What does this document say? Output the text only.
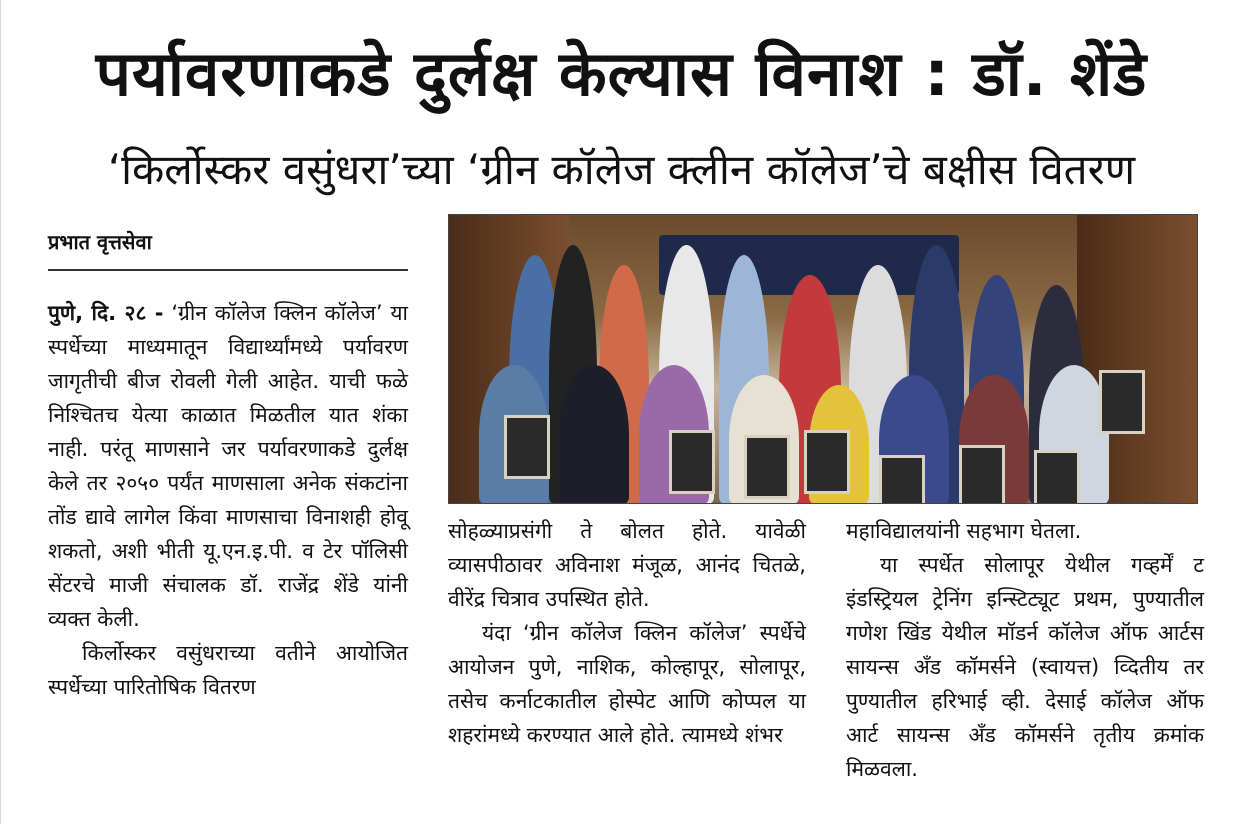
पर्यावरणाकडे दुर्लक्ष केल्यास विनाश : डॉ. शेंडे
‘किर्लोस्कर वसुंधरा’च्या ‘ग्रीन कॉलेज क्लीन कॉलेज’चे बक्षीस वितरण
प्रभात वृत्तसेवा

पुणे, दि. २८ - ‘ग्रीन कॉलेज क्लिन कॉलेज’ या स्पर्धेच्या माध्यमातून विद्यार्थ्यांमध्ये पर्यावरण जागृतीची बीज रोवली गेली आहेत. याची फळे निश्चितच येत्या काळात मिळतील यात शंका नाही. परंतू माणसाने जर पर्यावरणाकडे दुर्लक्ष केले तर २०५० पर्यंत माणसाला अनेक संकटांना तोंड द्यावे लागेल किंवा माणसाचा विनाशही होवू शकतो, अशी भीती यू.एन.इ.पी. व टेर पॉलिसी सेंटरचे माजी संचालक डॉ. राजेंद्र शेंडे यांनी व्यक्त केली.

किर्लोस्कर वसुंधराच्या वतीने आयोजित स्पर्धेच्या पारितोषिक वितरण

सोहळ्याप्रसंगी ते बोलत होते. यावेळी व्यासपीठावर अविनाश मंजूळ, आनंद चितळे, वीरेंद्र चित्राव उपस्थित होते.

यंदा ‘ग्रीन कॉलेज क्लिन कॉलेज’ स्पर्धेचे आयोजन पुणे, नाशिक, कोल्हापूर, सोलापूर, तसेच कर्नाटकातील होस्पेट आणि कोप्पल या शहरांमध्ये करण्यात आले होते. त्यामध्ये शंभर

महाविद्यालयांनी सहभाग घेतला.

या स्पर्धेत सोलापूर येथील गव्हर्में ट इंडस्ट्रियल ट्रेनिंग इन्स्टिट्यूट प्रथम, पुण्यातील गणेश खिंड येथील मॉडर्न कॉलेज ऑफ आर्टस सायन्स अँड कॉमर्सने (स्वायत्त) व्दितीय तर पुण्यातील हरिभाई व्ही. देसाई कॉलेज ऑफ आर्ट सायन्स अँड कॉमर्सने तृतीय क्रमांक मिळवला.
